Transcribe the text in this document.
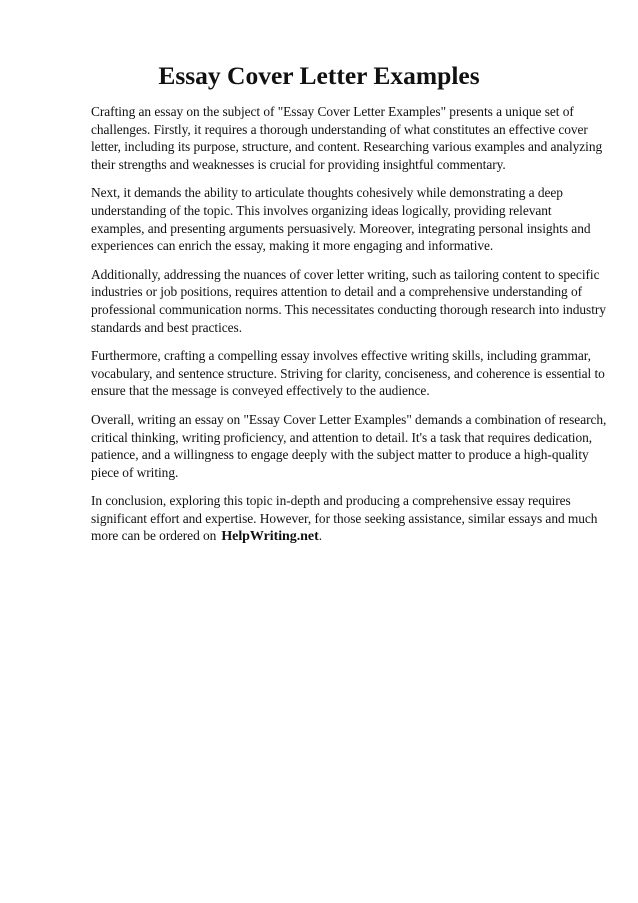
Essay Cover Letter Examples

Crafting an essay on the subject of "Essay Cover Letter Examples" presents a unique set of
challenges. Firstly, it requires a thorough understanding of what constitutes an effective cover
letter, including its purpose, structure, and content. Researching various examples and analyzing
their strengths and weaknesses is crucial for providing insightful commentary.

Next, it demands the ability to articulate thoughts cohesively while demonstrating a deep
understanding of the topic. This involves organizing ideas logically, providing relevant
examples, and presenting arguments persuasively. Moreover, integrating personal insights and
experiences can enrich the essay, making it more engaging and informative.

Additionally, addressing the nuances of cover letter writing, such as tailoring content to specific
industries or job positions, requires attention to detail and a comprehensive understanding of
professional communication norms. This necessitates conducting thorough research into industry
standards and best practices.

Furthermore, crafting a compelling essay involves effective writing skills, including grammar,
vocabulary, and sentence structure. Striving for clarity, conciseness, and coherence is essential to
ensure that the message is conveyed effectively to the audience.

Overall, writing an essay on "Essay Cover Letter Examples" demands a combination of research,
critical thinking, writing proficiency, and attention to detail. It's a task that requires dedication,
patience, and a willingness to engage deeply with the subject matter to produce a high-quality
piece of writing.

In conclusion, exploring this topic in-depth and producing a comprehensive essay requires
significant effort and expertise. However, for those seeking assistance, similar essays and much
more can be ordered on HelpWriting.net.
